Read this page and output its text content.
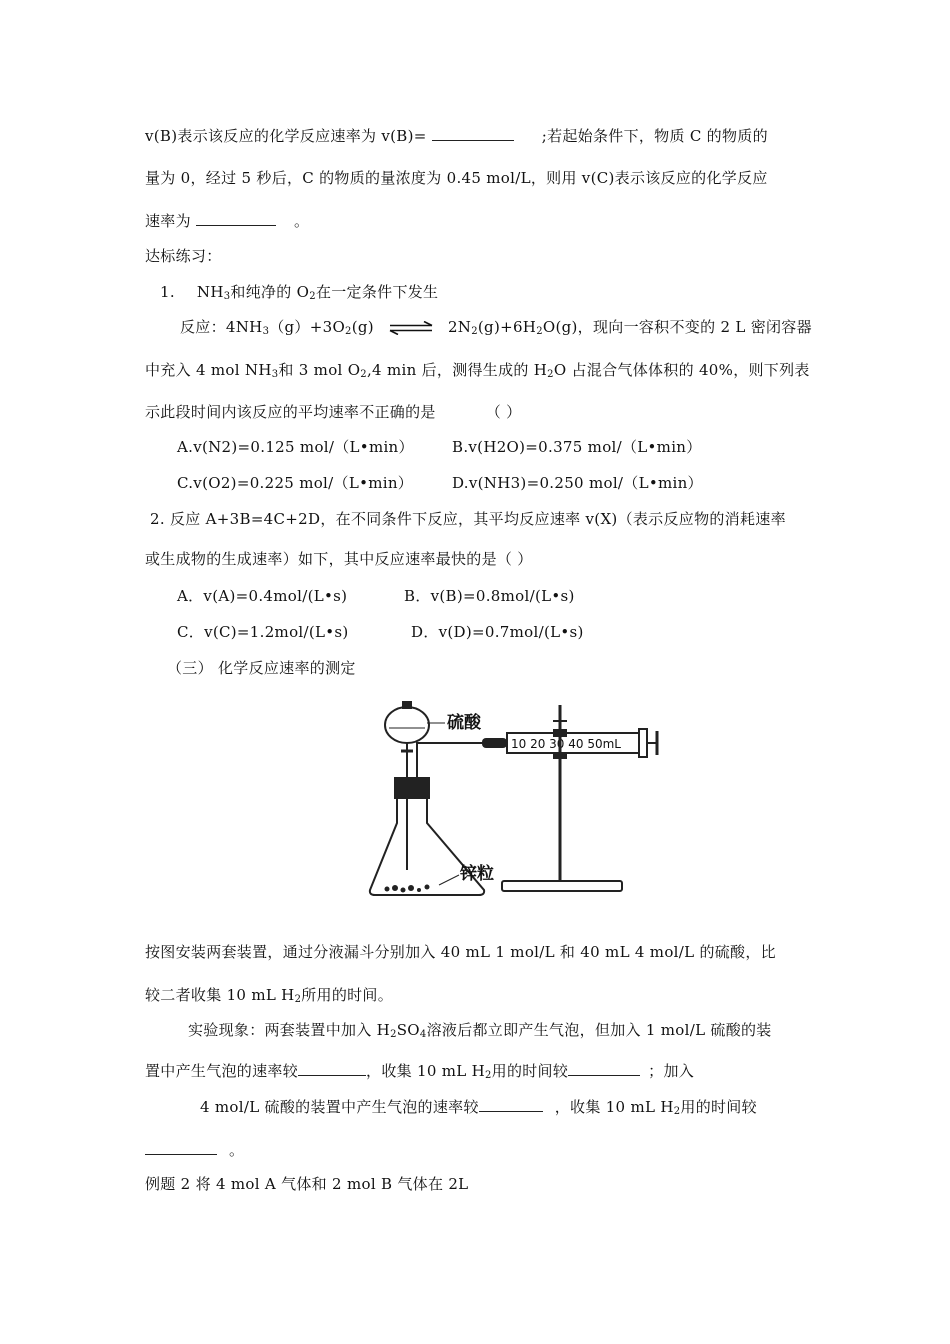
v(B)表示该反应的化学反应速率为 v(B)=	;若起始条件下，物质 C 的物质的
量为 0，经过 5 秒后，C 的物质的量浓度为 0.45 mol/L，则用 v(C)表示该反应的化学反应
速率为	。
达标练习：
1. $NH_3$和纯净的 $O_2$在一定条件下发生
反应：$4NH_3(g)+3O_2(g)$ ⇌ $2N_2(g)+6H_2O(g)$，现向一容积不变的 2 L 密闭容器
中充入 4 mol $NH_3$和 3 mol $O_2,4$ min 后，测得生成的 $H_2O$ 占混合气体体积的 40%，则下列表
示此段时间内该反应的平均速率不正确的是	（ ）
A.v(N2)=0.125 mol/（L•min）	B.v(H2O)=0.375 mol/（L•min）
C.v(O2)=0.225 mol/（L•min）	D.v(NH3)=0.250 mol/（L•min）
2. 反应 A+3B=4C+2D，在不同条件下反应，其平均反应速率 v(X)（表示反应物的消耗速率
或生成物的生成速率）如下，其中反应速率最快的是（ ）
A．v(A)=0.4mol/(L•s)	B．v(B)=0.8mol/(L•s)
C．v(C)=1.2mol/(L•s)	D．v(D)=0.7mol/(L•s)
（三） 化学反应速率的测定
10 20 30 40 50mL
硫酸
锌粒
按图安装两套装置，通过分液漏斗分别加入 40 mL 1 mol/L 和 40 mL 4 mol/L 的硫酸，比
较二者收集 10 mL $H_2$所用的时间。
实验现象：两套装置中加入 $H_2SO_4$溶液后都立即产生气泡，但加入 1 mol/L 硫酸的装
置中产生气泡的速率较	，收集 10 mL $H_2$用的时间较	；加入
4 mol/L 硫酸的装置中产生气泡的速率较	，收集 10 mL $H_2$用的时间较
。
例题 2 将 4 mol A 气体和 2 mol B 气体在 2L
